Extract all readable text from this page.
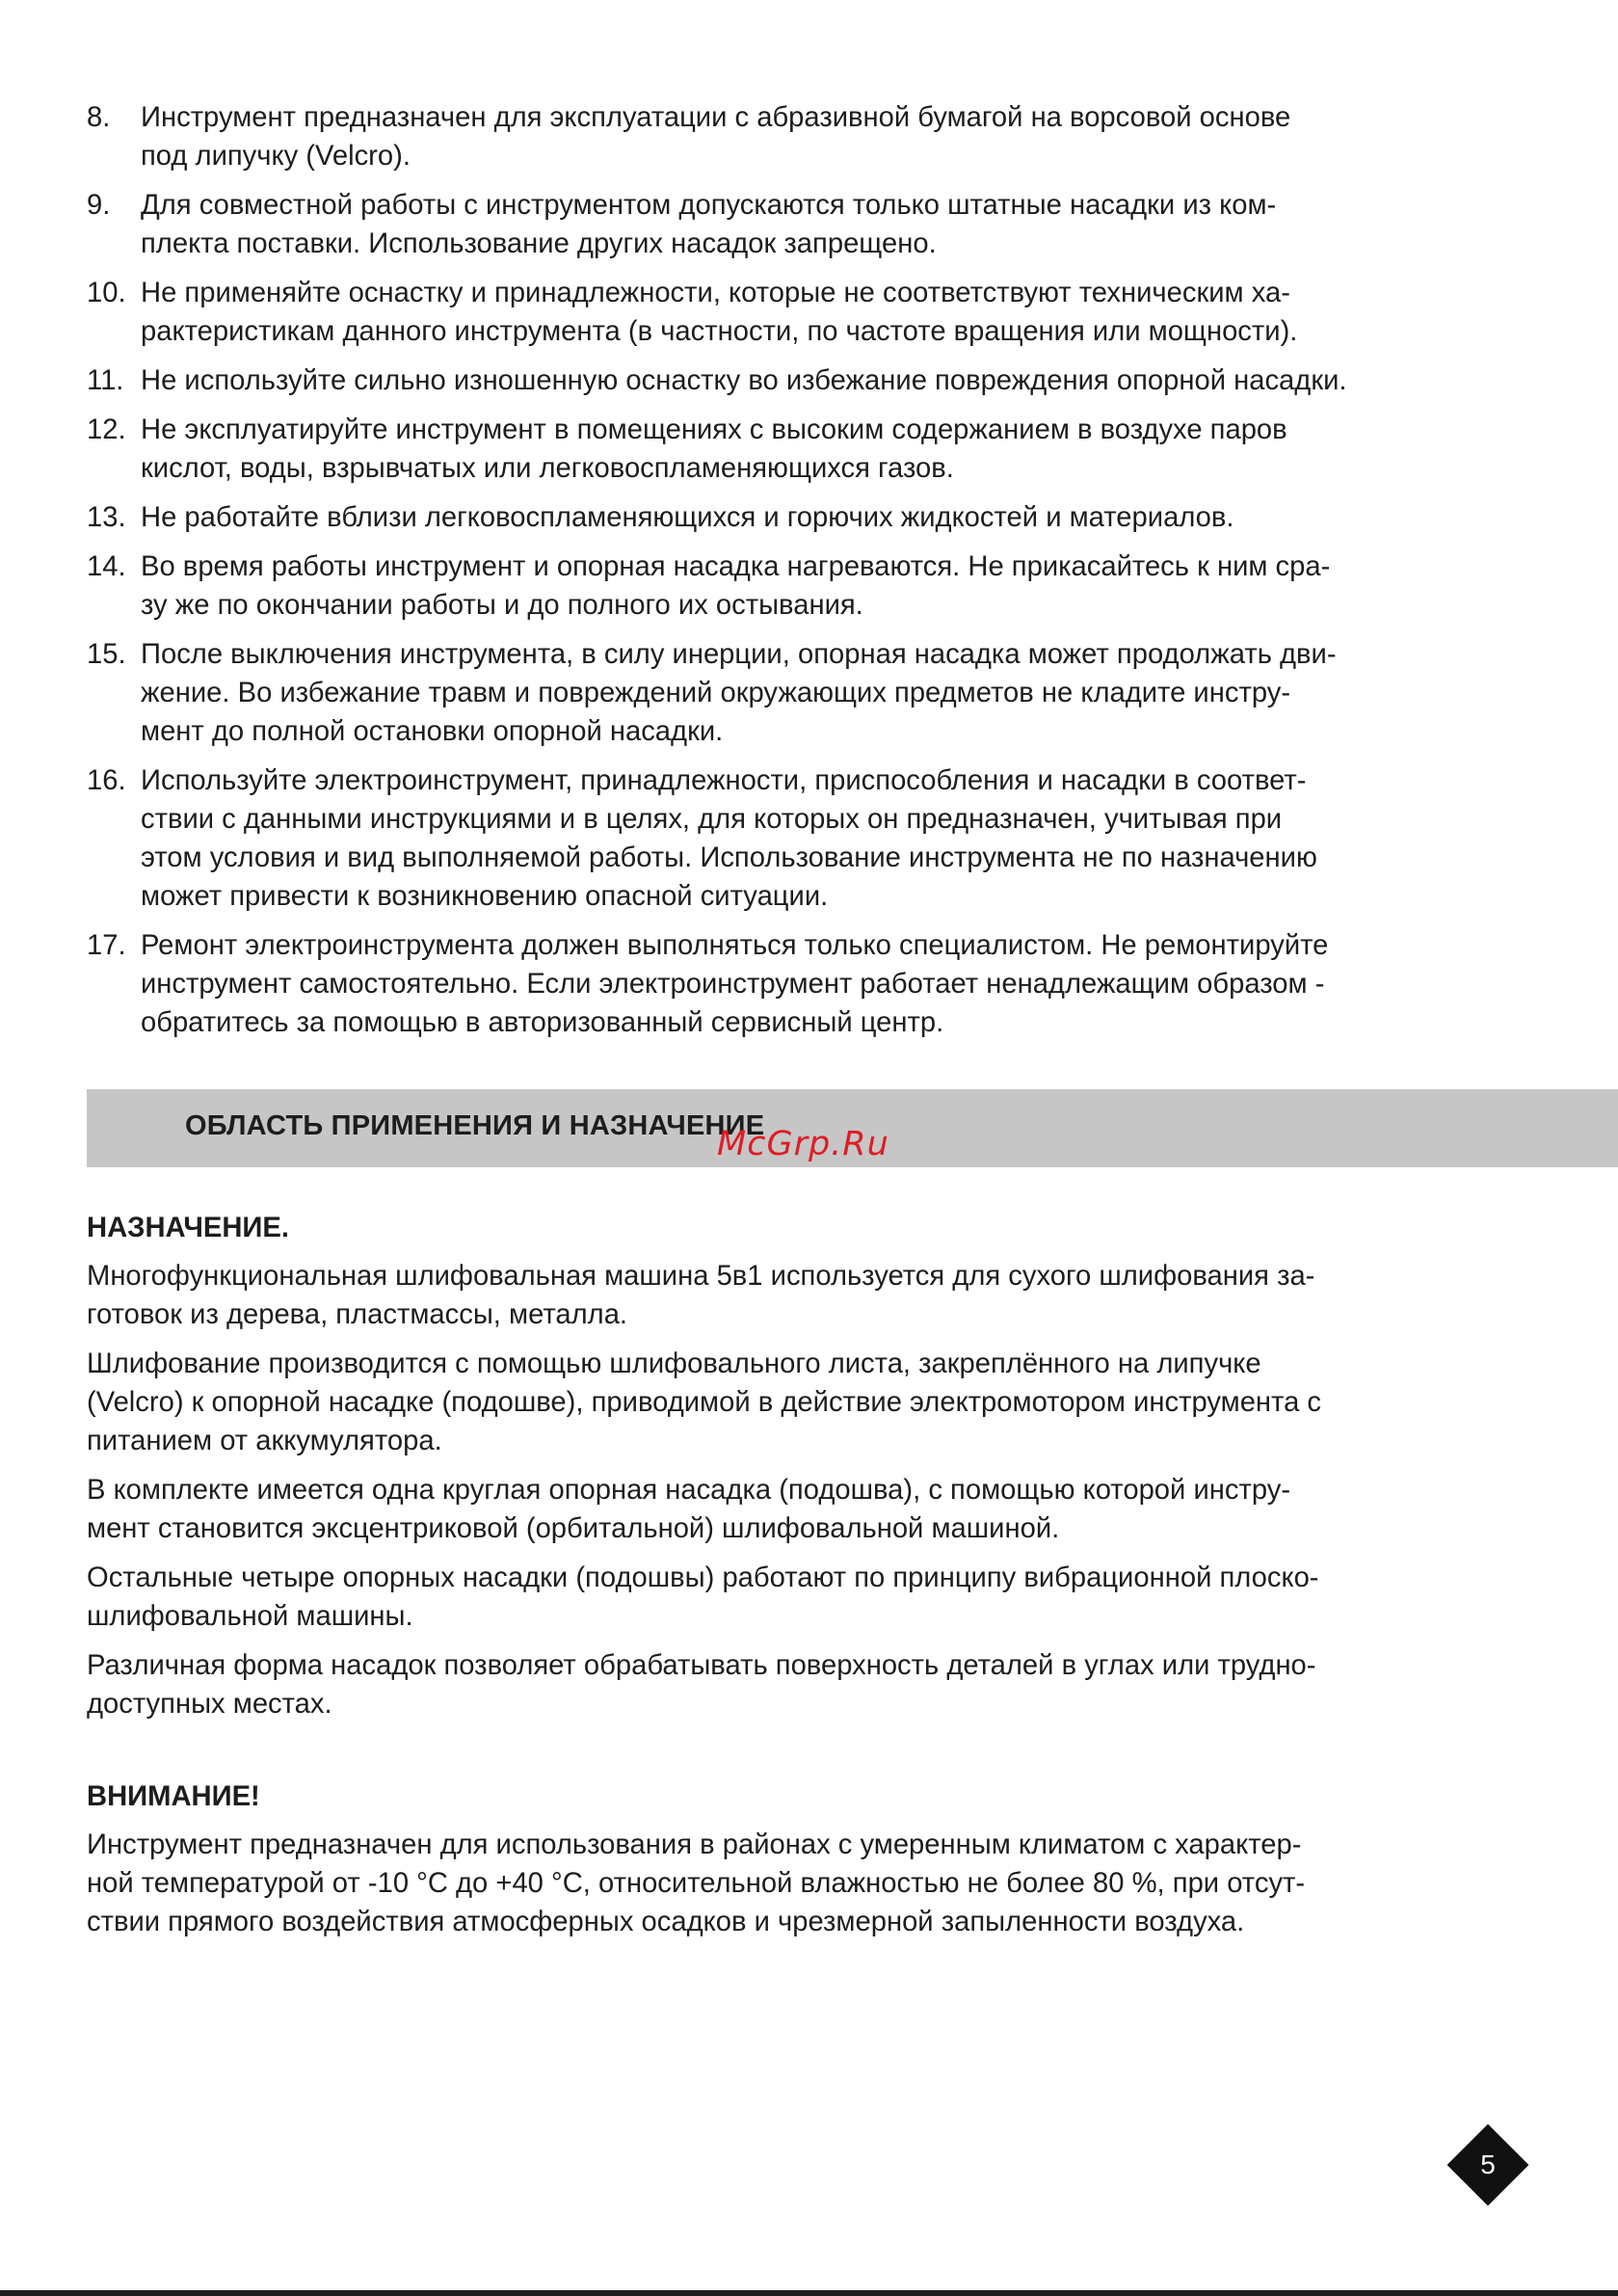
8. Инструмент предназначен для эксплуатации с абразивной бумагой на ворсовой основе
под липучку (Velcro).
9. Для совместной работы с инструментом допускаются только штатные насадки из ком-
плекта поставки. Использование других насадок запрещено.
10. Не применяйте оснастку и принадлежности, которые не соответствуют техническим ха-
рактеристикам данного инструмента (в частности, по частоте вращения или мощности).
11. Не используйте сильно изношенную оснастку во избежание повреждения опорной насадки.
12. Не эксплуатируйте инструмент в помещениях с высоким содержанием в воздухе паров
кислот, воды, взрывчатых или легковоспламеняющихся газов.
13. Не работайте вблизи легковоспламеняющихся и горючих жидкостей и материалов.
14. Во время работы инструмент и опорная насадка нагреваются. Не прикасайтесь к ним сра-
зу же по окончании работы и до полного их остывания.
15. После выключения инструмента, в силу инерции, опорная насадка может продолжать дви-
жение. Во избежание травм и повреждений окружающих предметов не кладите инстру-
мент до полной остановки опорной насадки.
16. Используйте электроинструмент, принадлежности, приспособления и насадки в соответ-
ствии с данными инструкциями и в целях, для которых он предназначен, учитывая при
этом условия и вид выполняемой работы. Использование инструмента не по назначению
может привести к возникновению опасной ситуации.
17. Ремонт электроинструмента должен выполняться только специалистом. Не ремонтируйте
инструмент самостоятельно. Если электроинструмент работает ненадлежащим образом -
обратитесь за помощью в авторизованный сервисный центр.
ОБЛАСТЬ ПРИМЕНЕНИЯ И НАЗНАЧЕНИЕ
McGrp.Ru
НАЗНАЧЕНИЕ.

Многофункциональная шлифовальная машина 5в1 используется для сухого шлифования за-
готовок из дерева, пластмассы, металла.

Шлифование производится с помощью шлифовального листа, закреплённого на липучке
(Velcro) к опорной насадке (подошве), приводимой в действие электромотором инструмента с
питанием от аккумулятора.

В комплекте имеется одна круглая опорная насадка (подошва), с помощью которой инстру-
мент становится эксцентриковой (орбитальной) шлифовальной машиной.

Остальные четыре опорных насадки (подошвы) работают по принципу вибрационной плоско-
шлифовальной машины.

Различная форма насадок позволяет обрабатывать поверхность деталей в углах или трудно-
доступных местах.

ВНИМАНИЕ!

Инструмент предназначен для использования в районах с умеренным климатом с характер-
ной температурой от -10 °С до +40 °С, относительной влажностью не более 80 %, при отсут-
ствии прямого воздействия атмосферных осадков и чрезмерной запыленности воздуха.

5
